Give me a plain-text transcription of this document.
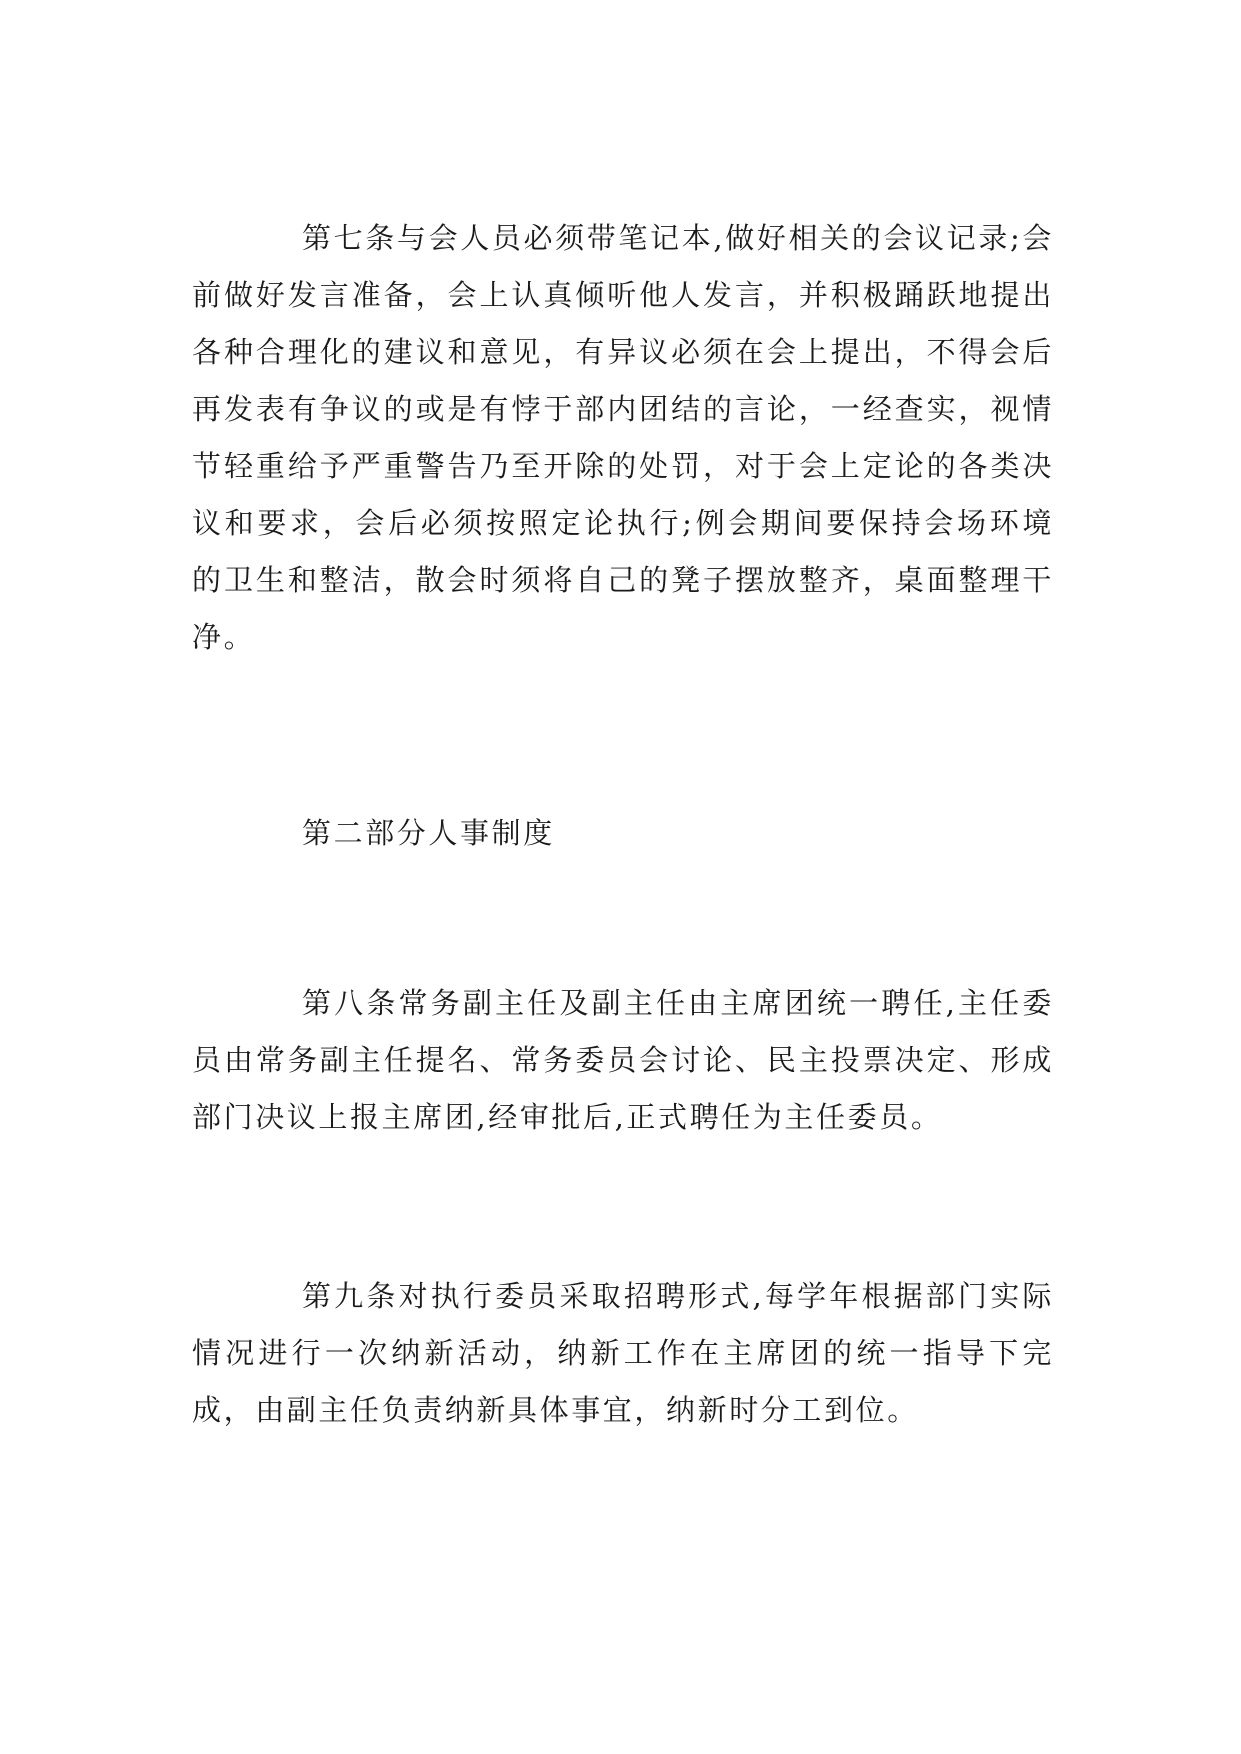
第七条与会人员必须带笔记本,做好相关的会议记录;会前做好发言准备，会上认真倾听他人发言，并积极踊跃地提出各种合理化的建议和意见，有异议必须在会上提出，不得会后再发表有争议的或是有悖于部内团结的言论，一经查实，视情节轻重给予严重警告乃至开除的处罚，对于会上定论的各类决议和要求，会后必须按照定论执行;例会期间要保持会场环境的卫生和整洁，散会时须将自己的凳子摆放整齐，桌面整理干净。

第二部分人事制度

第八条常务副主任及副主任由主席团统一聘任,主任委员由常务副主任提名、常务委员会讨论、民主投票决定、形成部门决议上报主席团,经审批后,正式聘任为主任委员。

第九条对执行委员采取招聘形式,每学年根据部门实际情况进行一次纳新活动，纳新工作在主席团的统一指导下完成，由副主任负责纳新具体事宜，纳新时分工到位。
